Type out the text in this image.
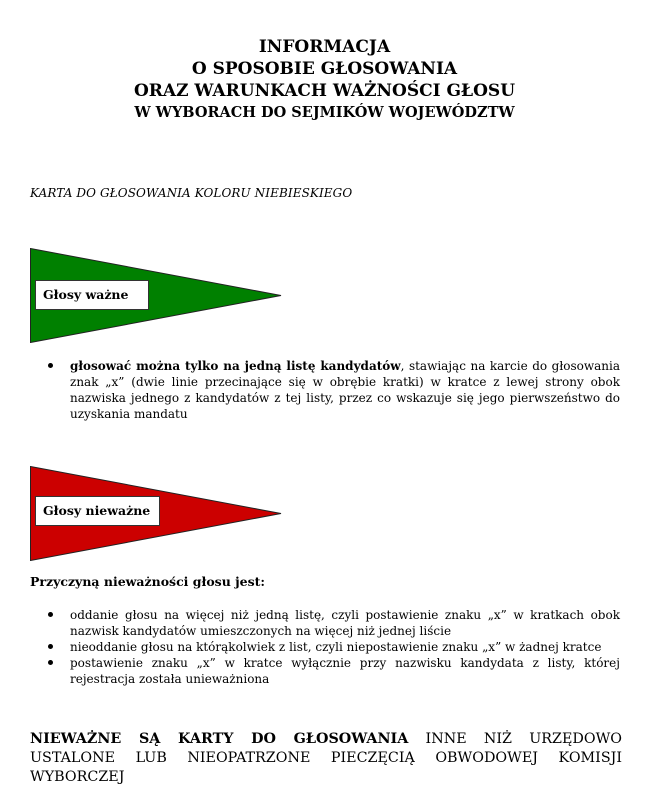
INFORMACJA
O SPOSOBIE GŁOSOWANIA
ORAZ WARUNKACH WAŻNOŚCI GŁOSU
W WYBORACH DO SEJMIKÓW WOJEWÓDZTW
KARTA DO GŁOSOWANIA KOLORU NIEBIESKIEGO
Głosy ważne
głosować można tylko na jedną listę kandydatów, stawiając na karcie do głosowania znak „x” (dwie linie przecinające się w obrębie kratki) w kratce z lewej strony obok nazwiska jednego z kandydatów z tej listy, przez co wskazuje się jego pierwszeństwo do uzyskania mandatu
Głosy nieważne
Przyczyną nieważności głosu jest:
oddanie głosu na więcej niż jedną listę, czyli postawienie znaku „x” w kratkach obok nazwisk kandydatów umieszczonych na więcej niż jednej liście
nieoddanie głosu na którąkolwiek z list, czyli niepostawienie znaku „x” w żadnej kratce
postawienie znaku „x” w kratce wyłącznie przy nazwisku kandydata z listy, której rejestracja została unieważniona
NIEWAŻNE SĄ KARTY DO GŁOSOWANIA INNE NIŻ URZĘDOWO USTALONE LUB NIEOPATRZONE PIECZĘCIĄ OBWODOWEJ KOMISJI WYBORCZEJ
